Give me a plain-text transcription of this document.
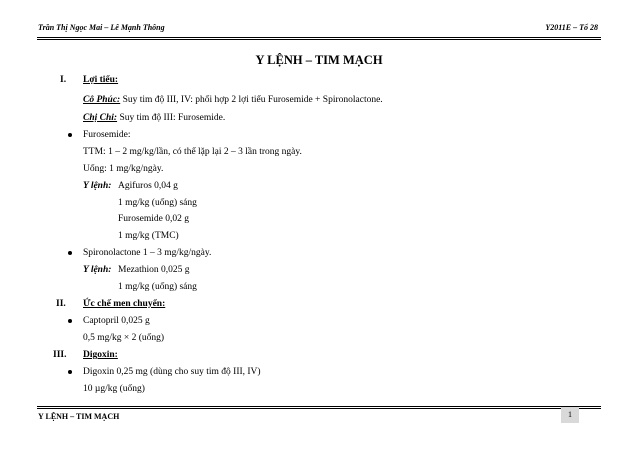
Trần Thị Ngọc Mai – Lê Mạnh Thông	Y2011E – Tổ 28
Y LỆNH – TIM MẠCH
I. Lợi tiểu:
Cô Phúc: Suy tim độ III, IV: phối hợp 2 lợi tiểu Furosemide + Spironolactone.
Chị Chi: Suy tim độ III: Furosemide.
Furosemide:
TTM: 1 – 2 mg/kg/lần, có thể lặp lại 2 – 3 lần trong ngày.
Uống: 1 mg/kg/ngày.
Y lệnh: Agifuros 0,04 g
1 mg/kg (uống) sáng
Furosemide 0,02 g
1 mg/kg (TMC)
Spironolactone 1 – 3 mg/kg/ngày.
Y lệnh: Mezathion 0,025 g
1 mg/kg (uống) sáng
II. Ức chế men chuyển:
Captopril 0,025 g
0,5 mg/kg × 2 (uống)
III. Digoxin:
Digoxin 0,25 mg (dùng cho suy tim độ III, IV)
10 µg/kg (uống)
Y LỆNH – TIM MẠCH	1
